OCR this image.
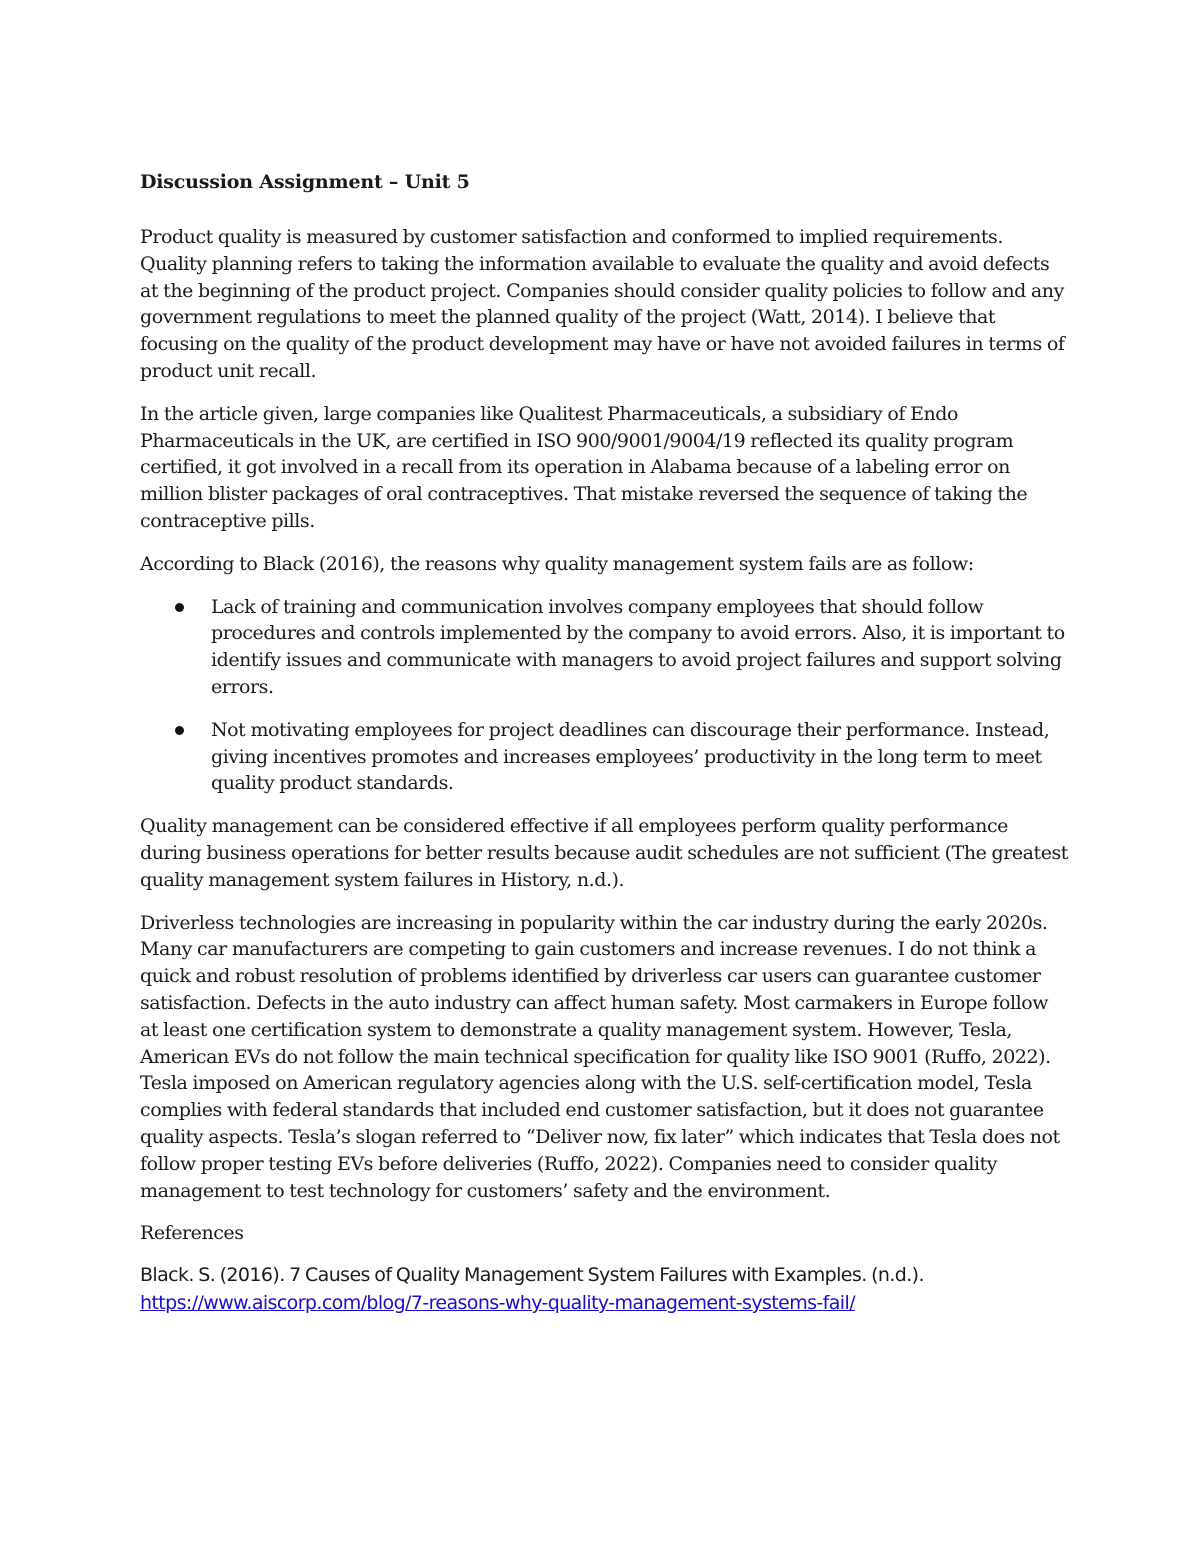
Discussion Assignment – Unit 5

Product quality is measured by customer satisfaction and conformed to implied requirements. Quality planning refers to taking the information available to evaluate the quality and avoid defects at the beginning of the product project. Companies should consider quality policies to follow and any government regulations to meet the planned quality of the project (Watt, 2014). I believe that focusing on the quality of the product development may have or have not avoided failures in terms of product unit recall.

In the article given, large companies like Qualitest Pharmaceuticals, a subsidiary of Endo Pharmaceuticals in the UK, are certified in ISO 900/9001/9004/19 reflected its quality program certified, it got involved in a recall from its operation in Alabama because of a labeling error on million blister packages of oral contraceptives. That mistake reversed the sequence of taking the contraceptive pills.

According to Black (2016), the reasons why quality management system fails are as follow:

Lack of training and communication involves company employees that should follow procedures and controls implemented by the company to avoid errors. Also, it is important to identify issues and communicate with managers to avoid project failures and support solving errors.
Not motivating employees for project deadlines can discourage their performance. Instead, giving incentives promotes and increases employees’ productivity in the long term to meet quality product standards.

Quality management can be considered effective if all employees perform quality performance during business operations for better results because audit schedules are not sufficient (The greatest quality management system failures in History, n.d.).

Driverless technologies are increasing in popularity within the car industry during the early 2020s. Many car manufacturers are competing to gain customers and increase revenues. I do not think a quick and robust resolution of problems identified by driverless car users can guarantee customer satisfaction. Defects in the auto industry can affect human safety. Most carmakers in Europe follow at least one certification system to demonstrate a quality management system. However, Tesla, American EVs do not follow the main technical specification for quality like ISO 9001 (Ruffo, 2022). Tesla imposed on American regulatory agencies along with the U.S. self-certification model, Tesla complies with federal standards that included end customer satisfaction, but it does not guarantee quality aspects. Tesla’s slogan referred to “Deliver now, fix later” which indicates that Tesla does not follow proper testing EVs before deliveries (Ruffo, 2022). Companies need to consider quality management to test technology for customers’ safety and the environment.

References

Black. S. (2016). 7 Causes of Quality Management System Failures with Examples. (n.d.).
https://www.aiscorp.com/blog/7-reasons-why-quality-management-systems-fail/
